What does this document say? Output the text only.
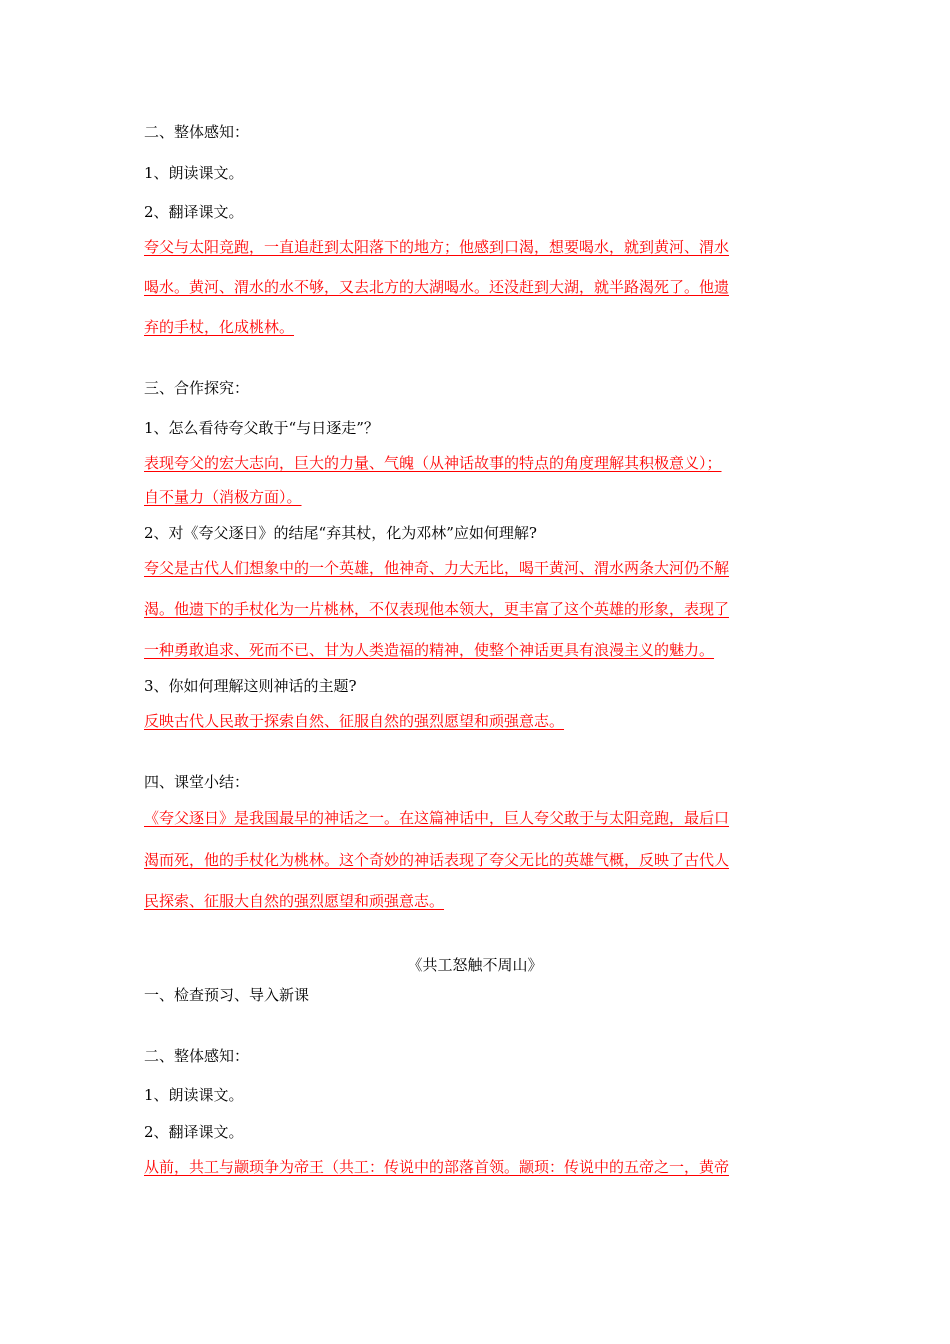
二、整体感知：
1、朗读课文。
2、翻译课文。
夸父与太阳竞跑，一直追赶到太阳落下的地方；他感到口渴，想要喝水，就到黄河、渭水
喝水。黄河、渭水的水不够，又去北方的大湖喝水。还没赶到大湖，就半路渴死了。他遗
弃的手杖，化成桃林。
三、合作探究：
1、怎么看待夸父敢于“与日逐走”？
表现夸父的宏大志向，巨大的力量、气魄（从神话故事的特点的角度理解其积极意义）；
自不量力（消极方面）。
2、对《夸父逐日》的结尾“弃其杖，化为邓林”应如何理解?
夸父是古代人们想象中的一个英雄，他神奇、力大无比，喝干黄河、渭水两条大河仍不解
渴。他遗下的手杖化为一片桃林，不仅表现他本领大，更丰富了这个英雄的形象，表现了
一种勇敢追求、死而不已、甘为人类造福的精神，使整个神话更具有浪漫主义的魅力。
3、你如何理解这则神话的主题?
反映古代人民敢于探索自然、征服自然的强烈愿望和顽强意志。
四、课堂小结：
《夸父逐日》是我国最早的神话之一。在这篇神话中，巨人夸父敢于与太阳竞跑，最后口
渴而死，他的手杖化为桃林。这个奇妙的神话表现了夸父无比的英雄气概，反映了古代人
民探索、征服大自然的强烈愿望和顽强意志。
《共工怒触不周山》
一、检查预习、导入新课
二、整体感知：
1、朗读课文。
2、翻译课文。
从前，共工与颛顼争为帝王（共工：传说中的部落首领。颛顼：传说中的五帝之一，黄帝
